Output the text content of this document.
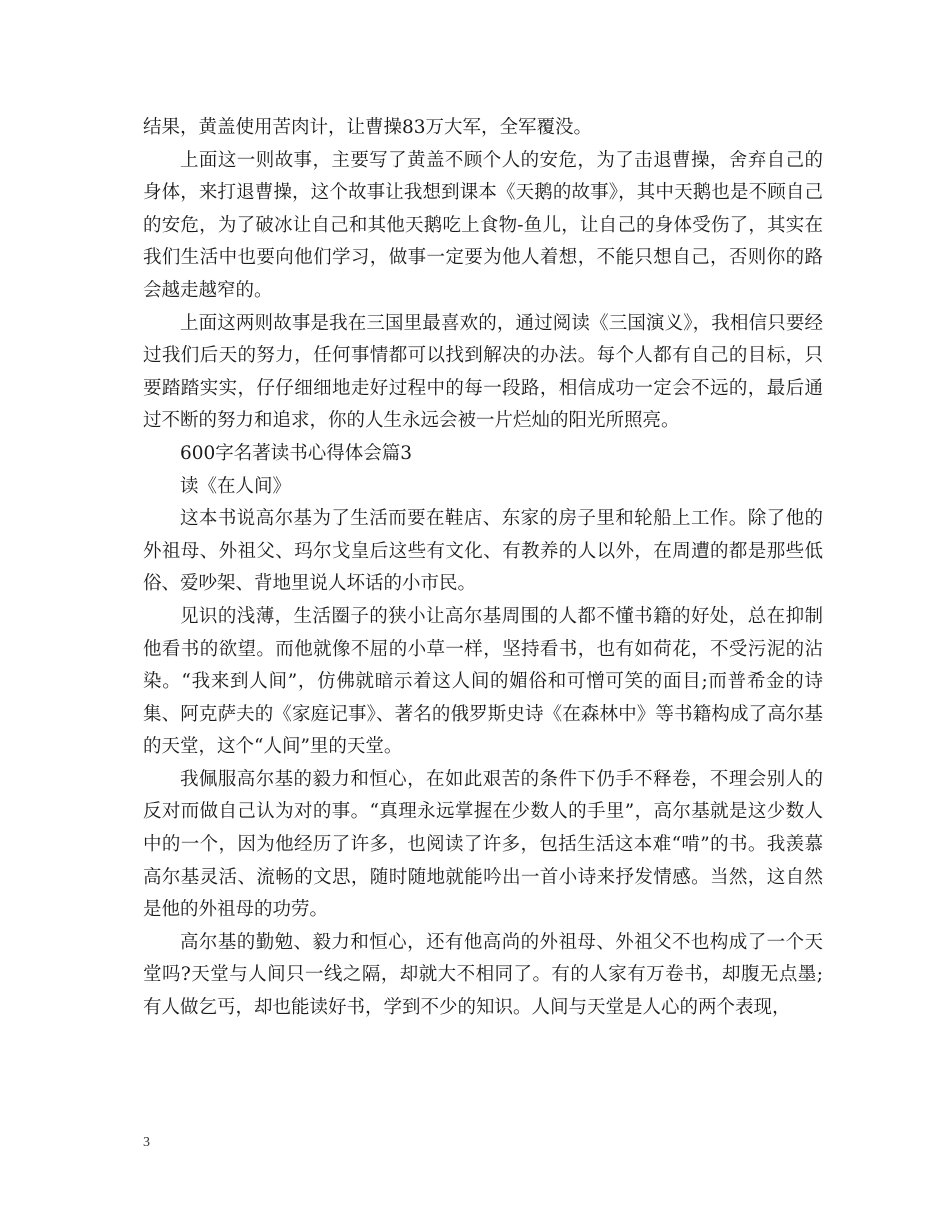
结果，黄盖使用苦肉计，让曹操83万大军，全军覆没。

上面这一则故事，主要写了黄盖不顾个人的安危，为了击退曹操，舍弃自己的身体，来打退曹操，这个故事让我想到课本《天鹅的故事》，其中天鹅也是不顾自己的安危，为了破冰让自己和其他天鹅吃上食物-鱼儿，让自己的身体受伤了，其实在我们生活中也要向他们学习，做事一定要为他人着想，不能只想自己，否则你的路会越走越窄的。

上面这两则故事是我在三国里最喜欢的，通过阅读《三国演义》，我相信只要经过我们后天的努力，任何事情都可以找到解决的办法。每个人都有自己的目标，只要踏踏实实，仔仔细细地走好过程中的每一段路，相信成功一定会不远的，最后通过不断的努力和追求，你的人生永远会被一片烂灿的阳光所照亮。

600字名著读书心得体会篇3

读《在人间》

这本书说高尔基为了生活而要在鞋店、东家的房子里和轮船上工作。除了他的外祖母、外祖父、玛尔戈皇后这些有文化、有教养的人以外，在周遭的都是那些低俗、爱吵架、背地里说人坏话的小市民。

见识的浅薄，生活圈子的狭小让高尔基周围的人都不懂书籍的好处，总在抑制他看书的欲望。而他就像不屈的小草一样，坚持看书，也有如荷花，不受污泥的沾染。“我来到人间”，仿佛就暗示着这人间的媚俗和可憎可笑的面目;而普希金的诗集、阿克萨夫的《家庭记事》、著名的俄罗斯史诗《在森林中》等书籍构成了高尔基的天堂，这个“人间”里的天堂。

我佩服高尔基的毅力和恒心，在如此艰苦的条件下仍手不释卷，不理会别人的反对而做自己认为对的事。“真理永远掌握在少数人的手里”，高尔基就是这少数人中的一个，因为他经历了许多，也阅读了许多，包括生活这本难“啃”的书。我羡慕高尔基灵活、流畅的文思，随时随地就能吟出一首小诗来抒发情感。当然，这自然是他的外祖母的功劳。

高尔基的勤勉、毅力和恒心，还有他高尚的外祖母、外祖父不也构成了一个天堂吗?天堂与人间只一线之隔，却就大不相同了。有的人家有万卷书，却腹无点墨;有人做乞丐，却也能读好书，学到不少的知识。人间与天堂是人心的两个表现，

3
